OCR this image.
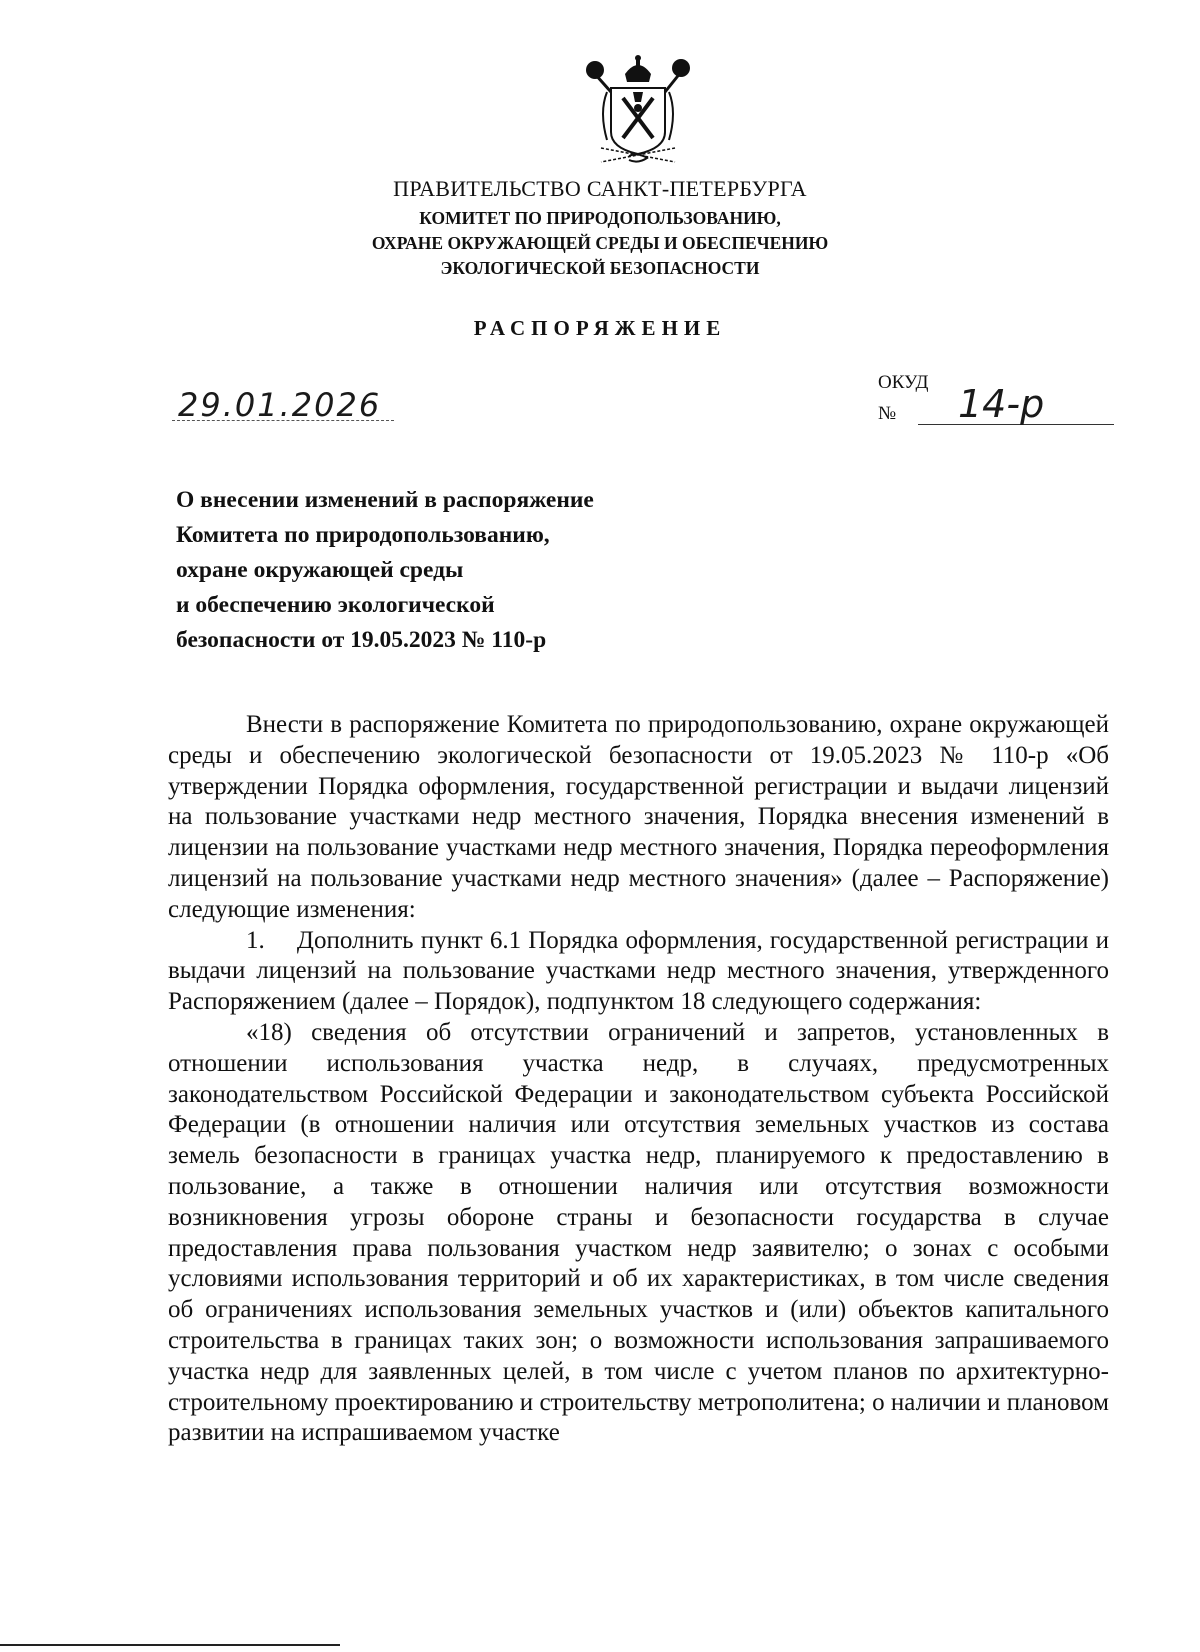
ПРАВИТЕЛЬСТВО САНКТ-ПЕТЕРБУРГА
КОМИТЕТ ПО ПРИРОДОПОЛЬЗОВАНИЮ,
ОХРАНЕ ОКРУЖАЮЩЕЙ СРЕДЫ И ОБЕСПЕЧЕНИЮ
ЭКОЛОГИЧЕСКОЙ БЕЗОПАСНОСТИ
РАСПОРЯЖЕНИЕ
29.01.2026
ОКУД
№ 14-р
О внесении изменений в распоряжение
Комитета по природопользованию,
охране окружающей среды
и обеспечению экологической
безопасности от 19.05.2023 № 110-р

Внести в распоряжение Комитета по природопользованию, охране окружающей среды и обеспечению экологической безопасности от 19.05.2023 № 110-р «Об утверждении Порядка оформления, государственной регистрации и выдачи лицензий на пользование участками недр местного значения, Порядка внесения изменений в лицензии на пользование участками недр местного значения, Порядка переоформления лицензий на пользование участками недр местного значения» (далее – Распоряжение) следующие изменения:

1.  Дополнить пункт 6.1 Порядка оформления, государственной регистрации и выдачи лицензий на пользование участками недр местного значения, утвержденного Распоряжением (далее – Порядок), подпунктом 18 следующего содержания:

«18) сведения об отсутствии ограничений и запретов, установленных в отношении использования участка недр, в случаях, предусмотренных законодательством Российской Федерации и законодательством субъекта Российской Федерации (в отношении наличия или отсутствия земельных участков из состава земель безопасности в границах участка недр, планируемого к предоставлению в пользование, а также в отношении наличия или отсутствия возможности возникновения угрозы обороне страны и безопасности государства в случае предоставления права пользования участком недр заявителю; о зонах с особыми условиями использования территорий и об их характеристиках, в том числе сведения об ограничениях использования земельных участков и (или) объектов капитального строительства в границах таких зон; о возможности использования запрашиваемого участка недр для заявленных целей, в том числе с учетом планов по архитектурно-строительному проектированию и строительству метрополитена; о наличии и плановом развитии на испрашиваемом участке
